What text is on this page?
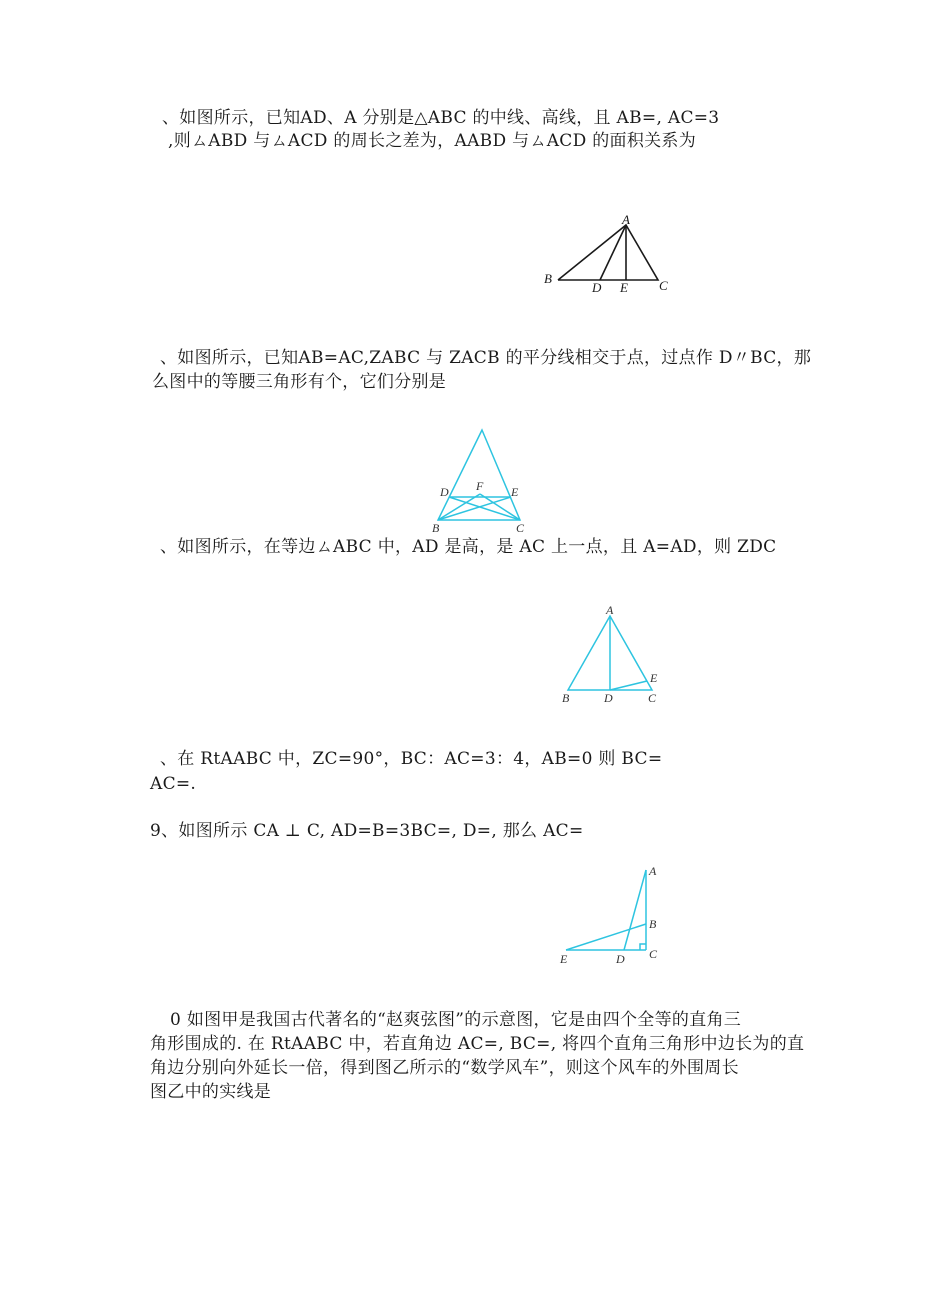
、如图所示，已知AD、A 分别是△ABC 的中线、高线，且 AB=, AC=3
,则ㄙABD 与ㄙACD 的周长之差为，AABD 与ㄙACD 的面积关系为
A
B
D E C
、如图所示，已知AB=AC,ZABC 与 ZACB 的平分线相交于点，过点作 D〃BC，那
么图中的等腰三角形有个，它们分别是
D F E
B	C
、如图所示，在等边ㄙABC 中，AD 是高，是 AC 上一点，且 A=AD，则 ZDC
A
E
B	D	C
、在 RtAABC 中，ZC=90°，BC：AC=3：4，AB=0 则 BC=
AC=.
9、如图所示 CA ⊥ C, AD=B=3BC=, D=, 那么 AC=
A
B
E	D C
0 如图甲是我国古代著名的“赵爽弦图”的示意图，它是由四个全等的直角三
角形围成的. 在 RtAABC 中，若直角边 AC=, BC=, 将四个直角三角形中边长为的直
角边分别向外延长一倍，得到图乙所示的“数学风车”，则这个风车的外围周长
图乙中的实线是
